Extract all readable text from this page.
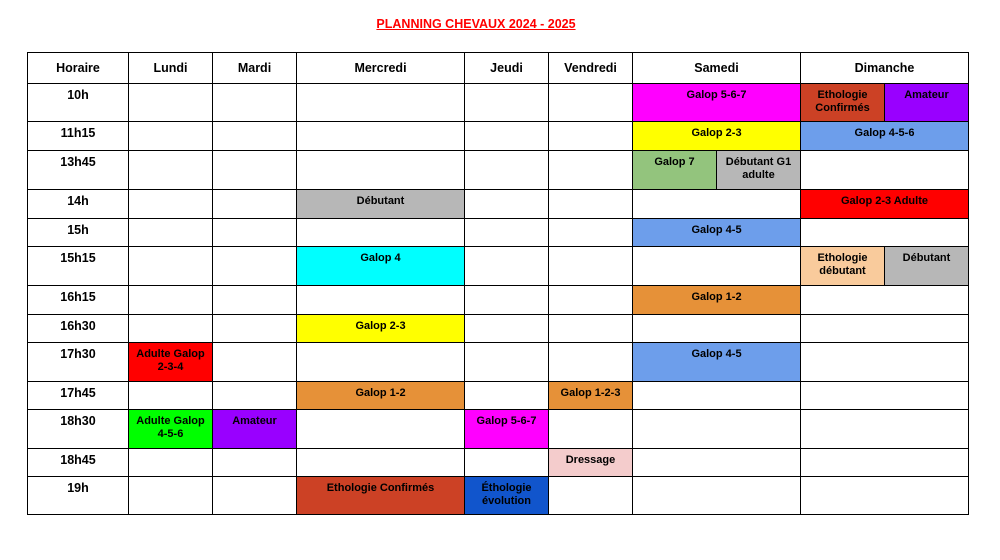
PLANNING CHEVAUX 2024 - 2025
Horaire	Lundi	Mardi	Mercredi	Jeudi	Vendredi	Samedi		Dimanche	
10h						Galop 5-6-7		Ethologie Confirmés	Amateur
11h15						Galop 2-3		Galop 4-5-6	
13h45						Galop 7	Débutant G1 adulte		
14h			Débutant					Galop 2-3 Adulte	
15h						Galop 4-5			
15h15			Galop 4					Ethologie débutant	Débutant
16h15						Galop 1-2			
16h30			Galop 2-3						
17h30	Adulte Galop 2-3-4					Galop 4-5			
17h45			Galop 1-2		Galop 1-2-3				
18h30	Adulte Galop 4-5-6	Amateur		Galop 5-6-7					
18h45					Dressage				
19h			Ethologie Confirmés	Éthologie évolution					
